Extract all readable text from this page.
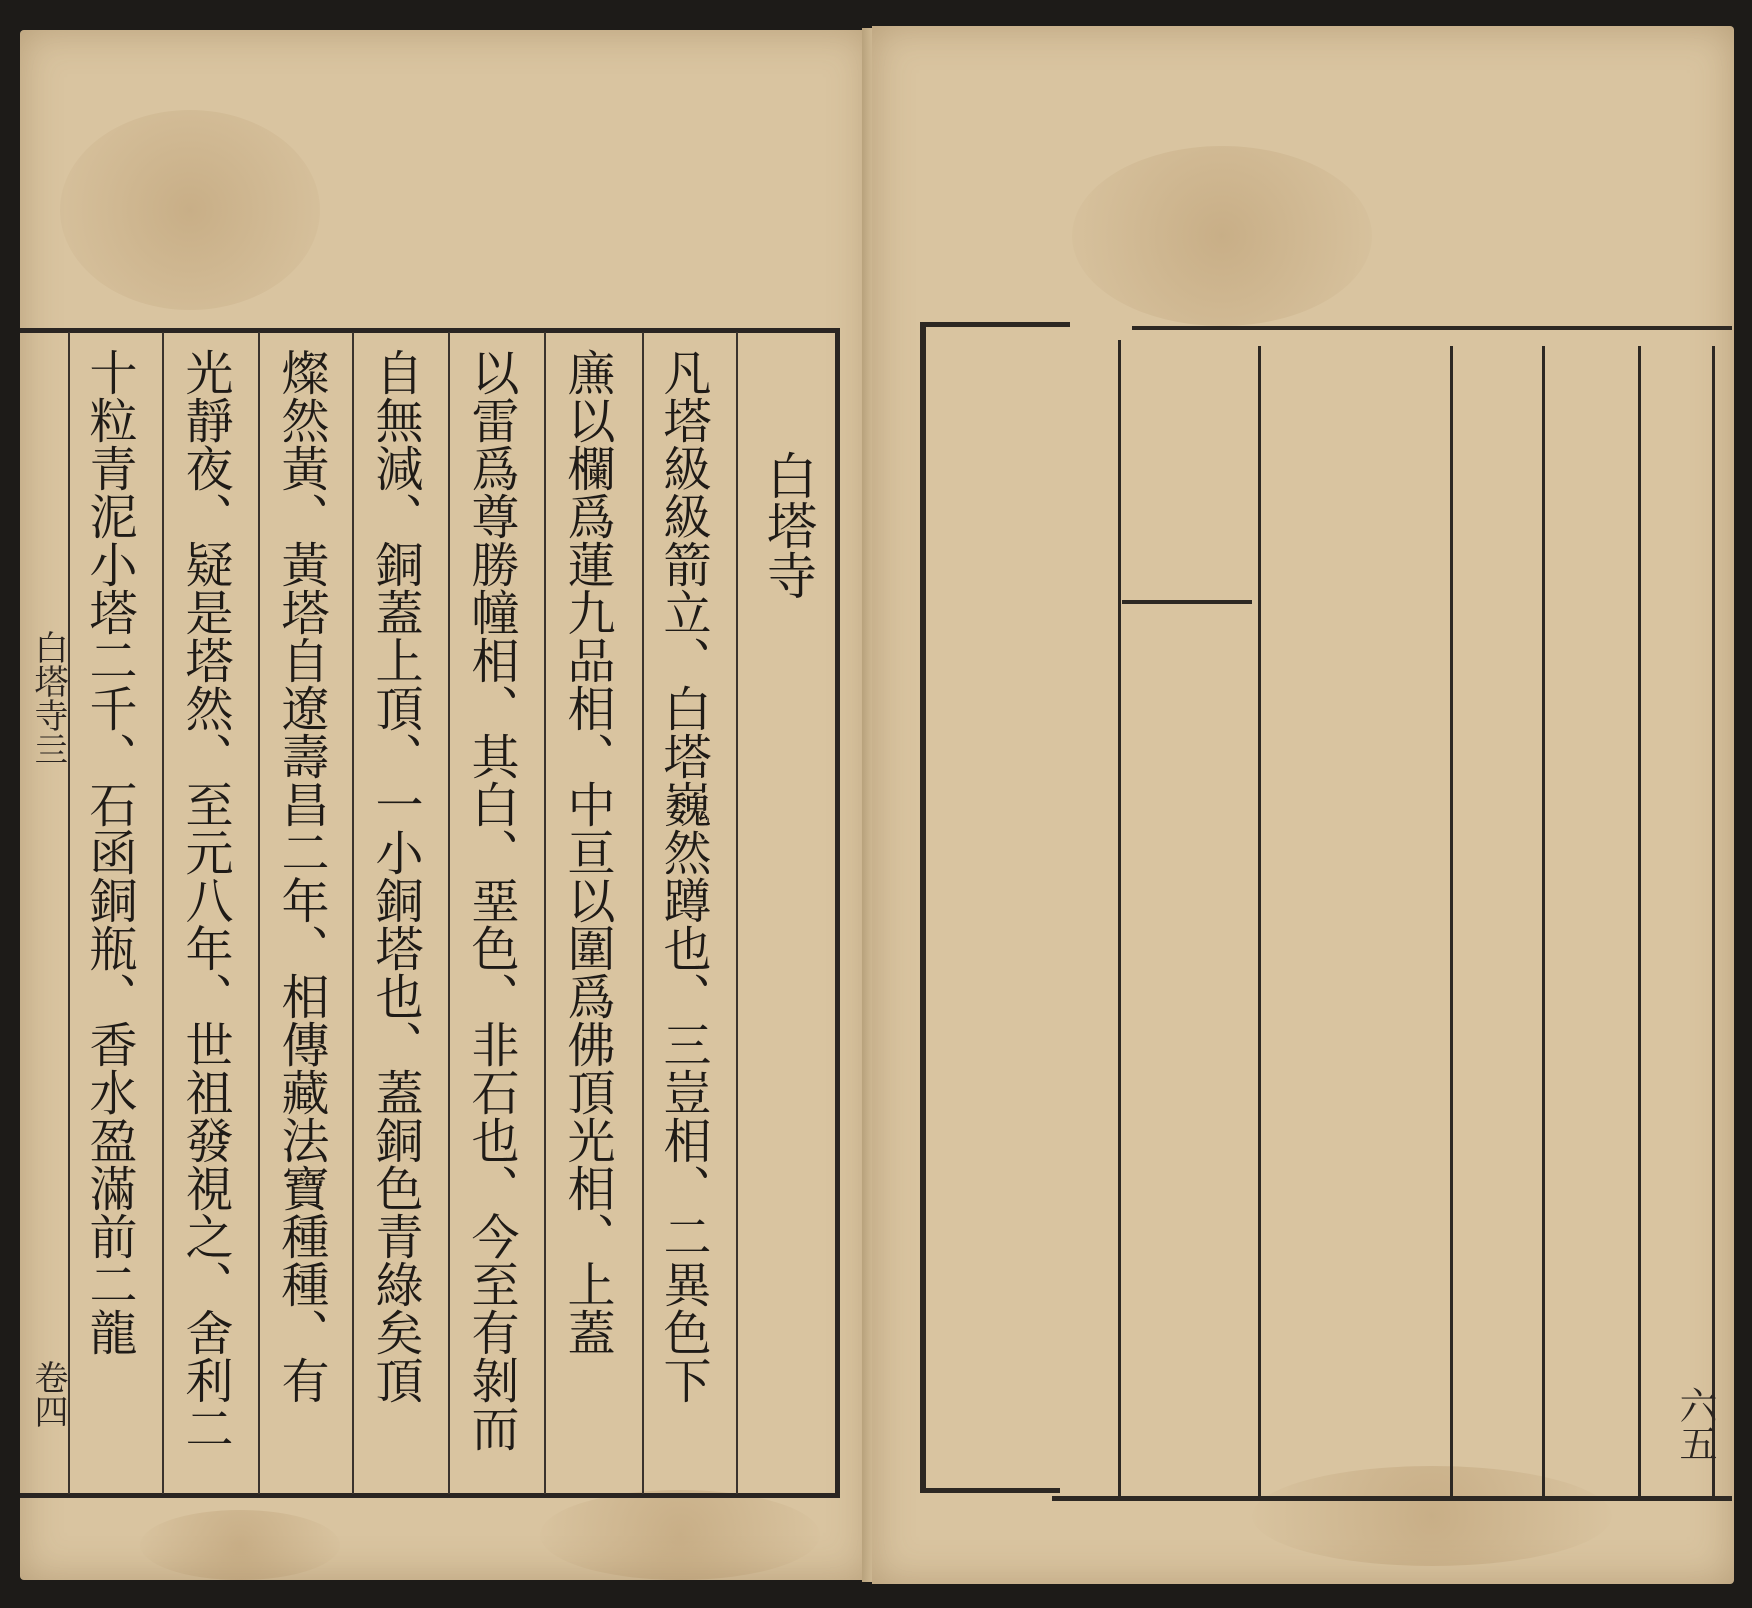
白塔寺
凡塔級級箭立、白塔巍然蹲也、三豈相、二異色下
㢘以欄爲蓮九品相、中亘以圍爲佛頂光相、上蓋
以雷爲尊勝幢相、其白、堊色、非石也、今至有剝而
自無減、銅蓋上頂、一小銅塔也、蓋銅色青綠矣頂
燦然黃、黃塔自遼壽昌二年、相傳藏法寶種種、有
光靜夜、疑是塔然、至元八年、世祖發視之、舍利二
十粒青泥小塔二千、石函銅瓶、香水盈滿前二龍
白塔寺亖
卷四
　　　　　　　　　　　	六五
